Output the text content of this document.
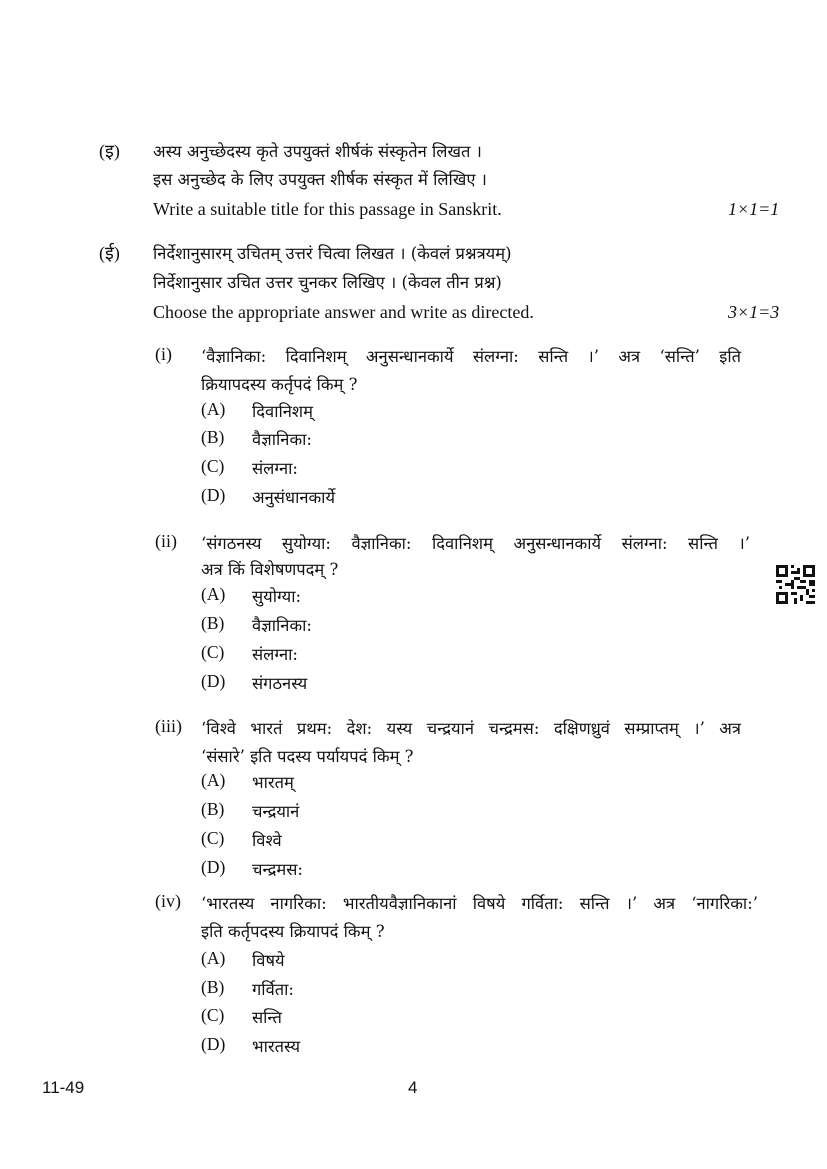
(इ) अस्य अनुच्छेदस्य कृते उपयुक्तं शीर्षकं संस्कृतेन लिखत ।
इस अनुच्छेद के लिए उपयुक्त शीर्षक संस्कृत में लिखिए ।
Write a suitable title for this passage in Sanskrit.	1×1=1
(ई) निर्देशानुसारम् उचितम् उत्तरं चित्वा लिखत । (केवलं प्रश्नत्रयम्)
निर्देशानुसार उचित उत्तर चुनकर लिखिए । (केवल तीन प्रश्न)
Choose the appropriate answer and write as directed.	3×1=3
(i) ‘वैज्ञानिका: दिवानिशम् अनुसन्धानकार्ये संलग्ना: सन्ति ।’ अत्र ‘सन्ति’ इति
क्रियापदस्य कर्तृपदं किम् ?
(A) दिवानिशम्
(B) वैज्ञानिका:
(C) संलग्ना:
(D) अनुसंधानकार्ये
(ii) ‘संगठनस्य सुयोग्या: वैज्ञानिका: दिवानिशम् अनुसन्धानकार्ये संलग्ना: सन्ति ।’
अत्र किं विशेषणपदम् ?
(A) सुयोग्या:
(B) वैज्ञानिका:
(C) संलग्ना:
(D) संगठनस्य
(iii) ‘विश्वे भारतं प्रथम: देश: यस्य चन्द्रयानं चन्द्रमस: दक्षिणध्रुवं सम्प्राप्तम् ।’ अत्र
‘संसारे’ इति पदस्य पर्यायपदं किम् ?
(A) भारतम्
(B) चन्द्रयानं
(C) विश्वे
(D) चन्द्रमस:
(iv) ‘भारतस्य नागरिका: भारतीयवैज्ञानिकानां विषये गर्विता: सन्ति ।’ अत्र ‘नागरिका:’
इति कर्तृपदस्य क्रियापदं किम् ?
(A) विषये
(B) गर्विता:
(C) सन्ति
(D) भारतस्य
11-49	4
